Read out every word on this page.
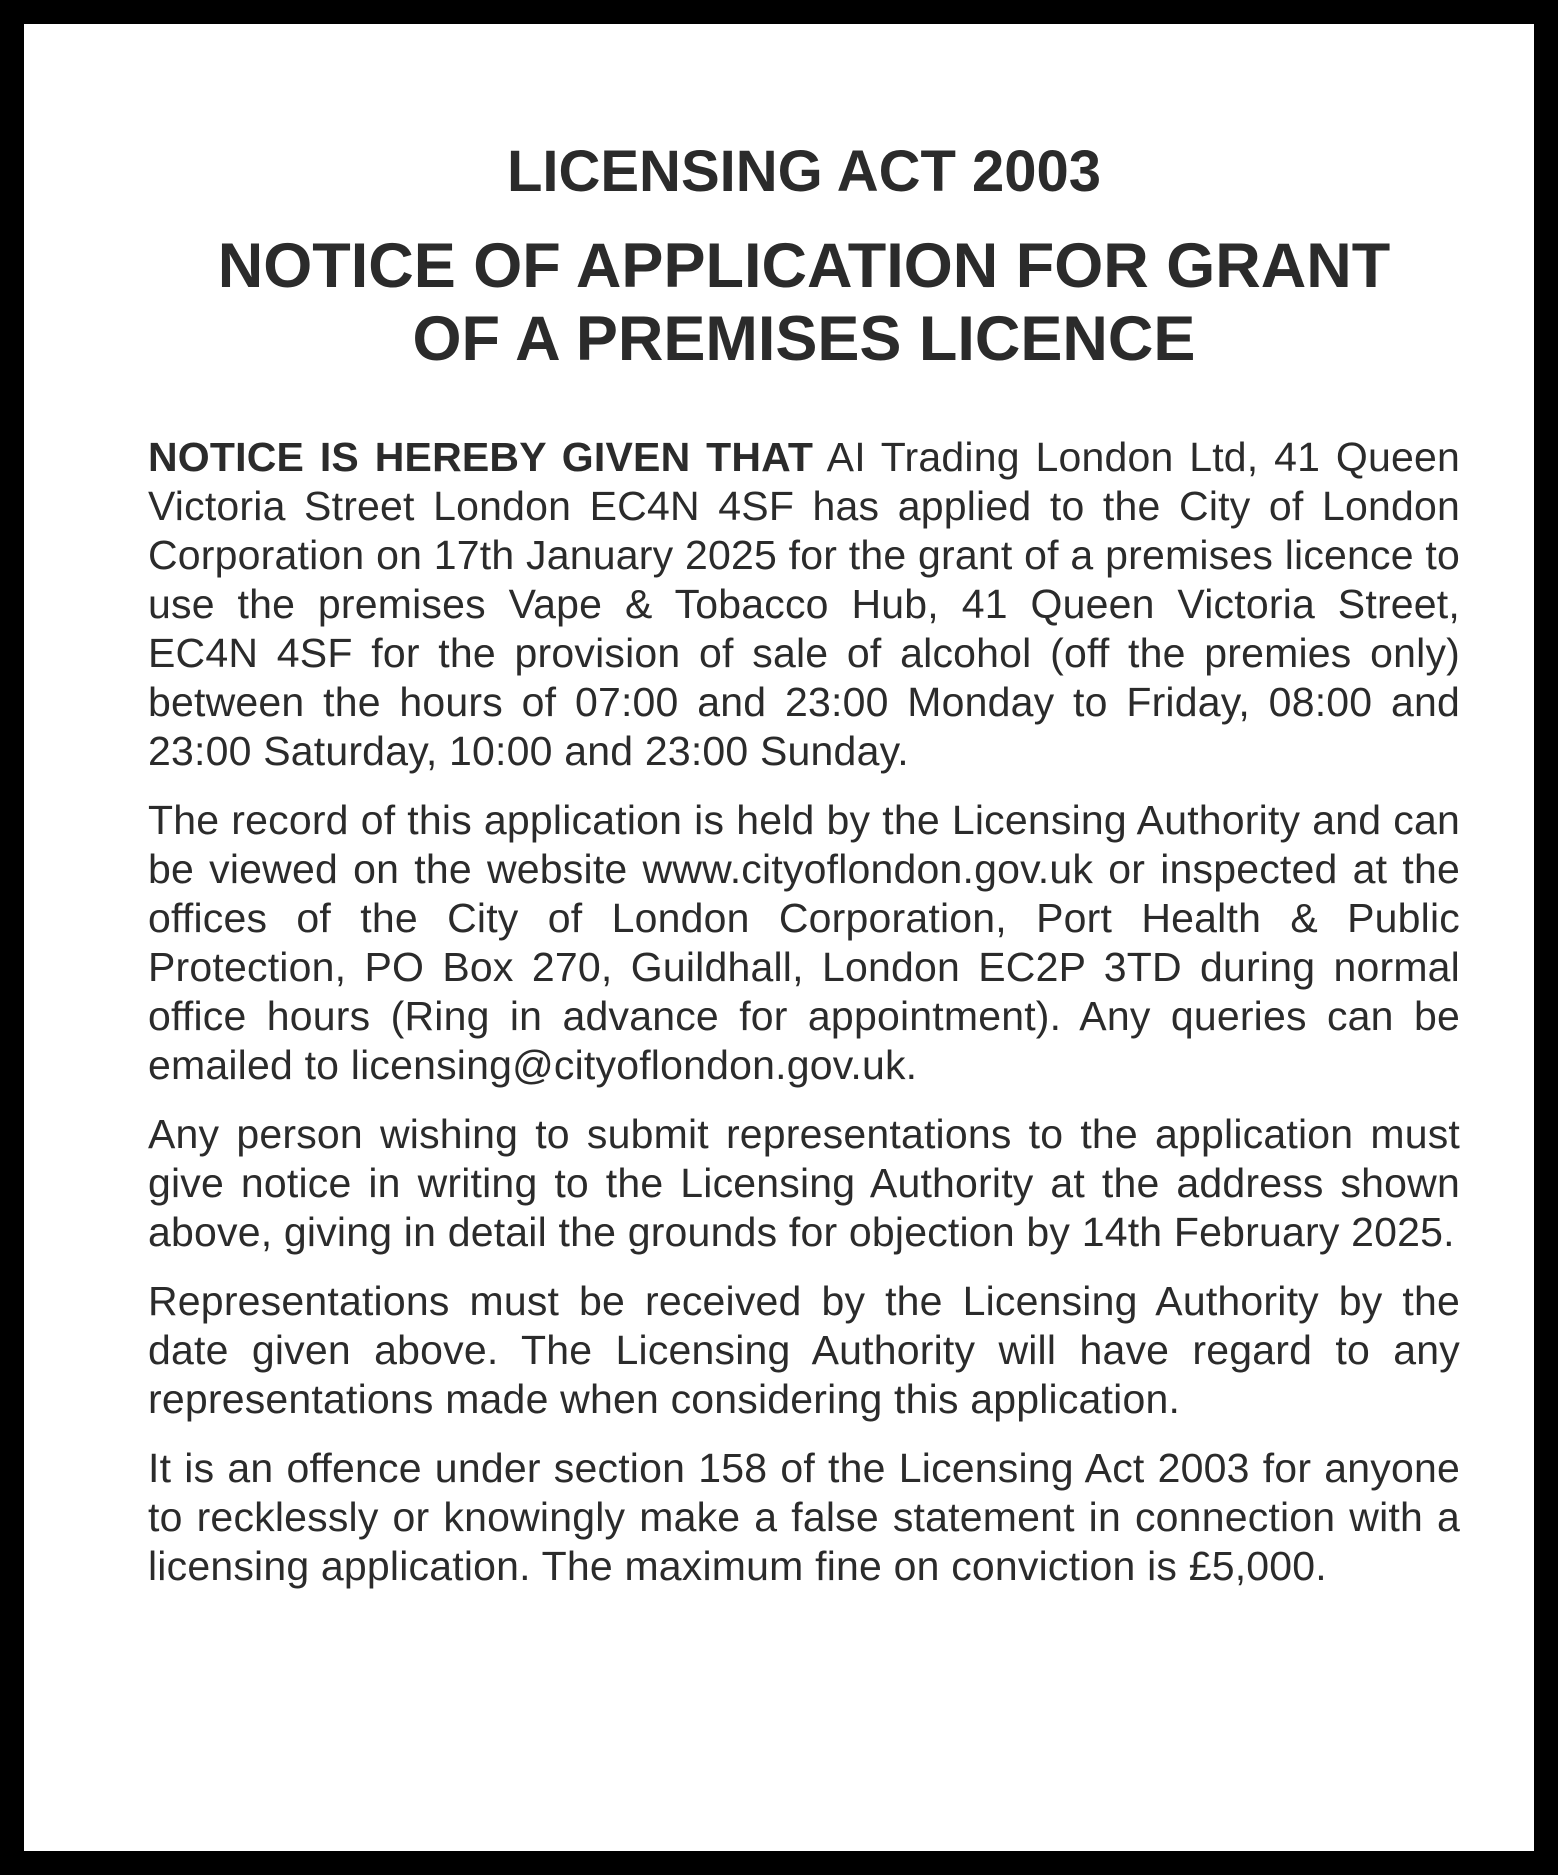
LICENSING ACT 2003
NOTICE OF APPLICATION FOR GRANT
OF A PREMISES LICENCE

NOTICE IS HEREBY GIVEN THAT AI Trading London Ltd, 41 Queen Victoria Street London EC4N 4SF has applied to the City of London Corporation on 17th January 2025 for the grant of a premises licence to use the premises Vape & Tobacco Hub, 41 Queen Victoria Street, EC4N 4SF for the provision of sale of alcohol (off the premies only) between the hours of 07:00 and 23:00 Monday to Friday, 08:00 and 23:00 Saturday, 10:00 and 23:00 Sunday.

The record of this application is held by the Licensing Authority and can be viewed on the website www.cityoflondon.gov.uk or inspected at the offices of the City of London Corporation, Port Health & Public Protection, PO Box 270, Guildhall, London EC2P 3TD during normal office hours (Ring in advance for appointment). Any queries can be emailed to licensing@cityoflondon.gov.uk.

Any person wishing to submit representations to the application must give notice in writing to the Licensing Authority at the address shown above, giving in detail the grounds for objection by 14th February 2025.

Representations must be received by the Licensing Authority by the date given above. The Licensing Authority will have regard to any representations made when considering this application.

It is an offence under section 158 of the Licensing Act 2003 for anyone to recklessly or knowingly make a false statement in connection with a licensing application. The maximum fine on conviction is £5,000.
